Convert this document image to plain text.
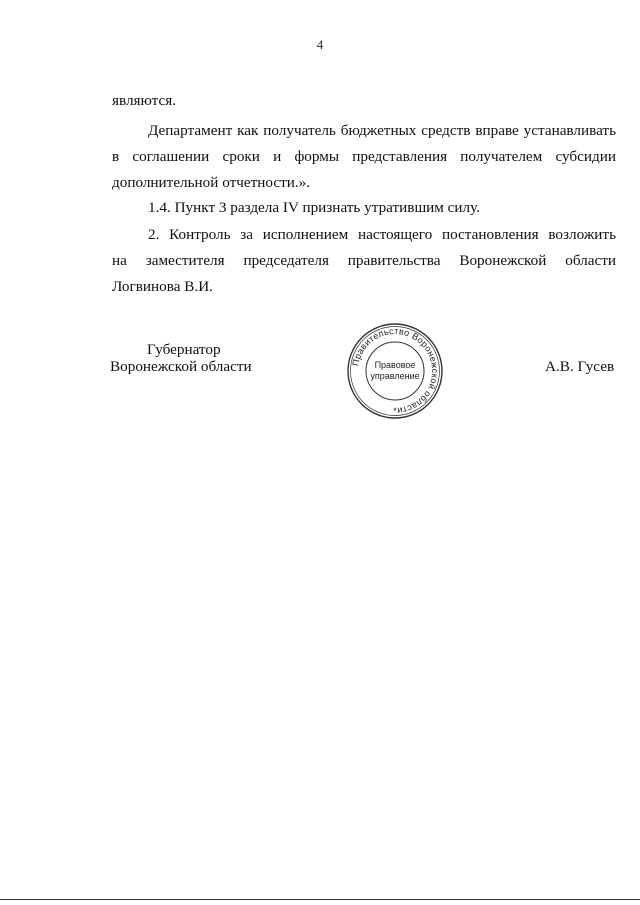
4
являются.
Департамент как получатель бюджетных средств вправе устанавливать
в соглашении сроки и формы представления получателем субсидии
дополнительной отчетности.».
1.4. Пункт 3 раздела IV признать утратившим силу.
2. Контроль за исполнением настоящего постановления возложить
на заместителя председателя правительства Воронежской области
Логвинова В.И.
Губернатор
Воронежской области	А.В. Гусев
Правительство Воронежской области
Правовое
управление
*
